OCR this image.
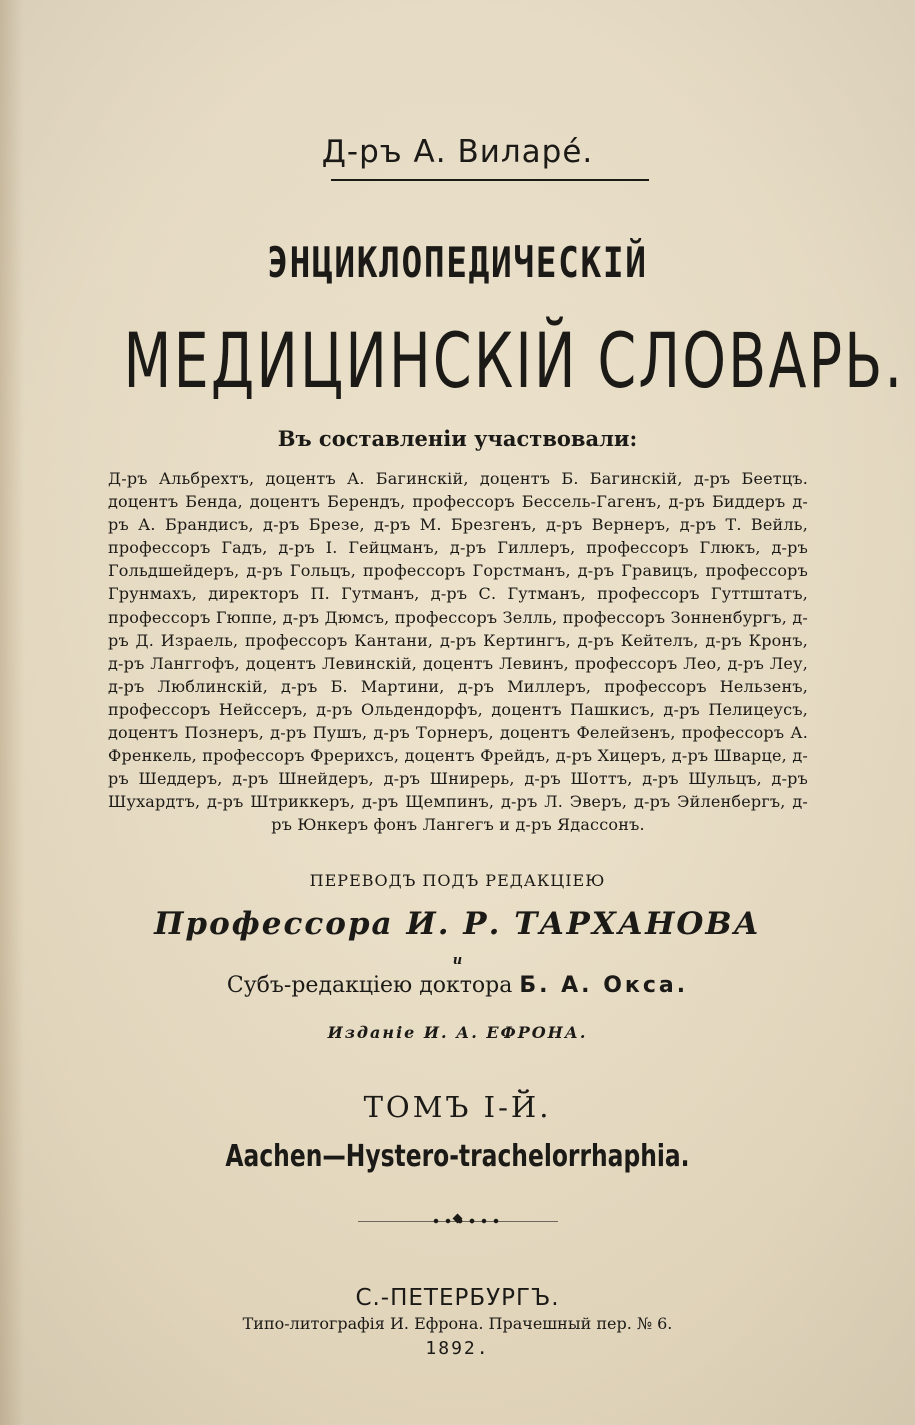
Д-ръ А. Виларé.
ЭНЦИКЛОПЕДИЧЕСКІЙ
МЕДИЦИНСКІЙ СЛОВАРЬ.
Въ составленіи участвовали:

Д-ръ Альбрехтъ, доцентъ А. Багинскій, доцентъ Б. Багинскій, д-ръ Беетцъ. доцентъ Бенда, доцентъ Берендъ, профессоръ Бессель-Гагенъ, д-ръ Биддеръ д-ръ А. Брандисъ, д-ръ Брезе, д-ръ М. Брезгенъ, д-ръ Вернеръ, д-ръ Т. Вейль, профессоръ Гадъ, д-ръ І. Гейцманъ, д-ръ Гиллеръ, профессоръ Глюкъ, д-ръ Гольдшейдеръ, д-ръ Гольцъ, профессоръ Горстманъ, д-ръ Гравицъ, профессоръ Грунмахъ, директоръ П. Гутманъ, д-ръ С. Гутманъ, профессоръ Гуттштатъ, профессоръ Гюппе, д-ръ Дюмсъ, профессоръ Зелль, профессоръ Зонненбургъ, д-ръ Д. Израель, профессоръ Кантани, д-ръ Кертингъ, д-ръ Кейтелъ, д-ръ Кронъ, д-ръ Ланггофъ, доцентъ Левинскій, доцентъ Левинъ, профессоръ Лео, д-ръ Леу, д-ръ Люблинскій, д-ръ Б. Мартини, д-ръ Миллеръ, профессоръ Нельзенъ, профессоръ Нейссеръ, д-ръ Ольдендорфъ, доцентъ Пашкисъ, д-ръ Пелицеусъ, доцентъ Познеръ, д-ръ Пушъ, д-ръ Торнеръ, доцентъ Фелейзенъ, профессоръ А. Френкель, профессоръ Фрерихсъ, доцентъ Фрейдъ, д-ръ Хицеръ, д-ръ Шварце, д-ръ Шеддеръ, д-ръ Шнейдеръ, д-ръ Шнирерь, д-ръ Шоттъ, д-ръ Шульцъ, д-ръ Шухардтъ, д-ръ Штриккеръ, д-ръ Щемпинъ, д-ръ Л. Эверъ, д-ръ Эйленбергъ, д-ръ Юнкеръ фонъ Лангегъ и д-ръ Ядассонъ.

ПЕРЕВОДЪ ПОДЪ РЕДАКЦІЕЮ
Профессора И. Р. ТАРХАНОВА
и
Субъ-редакціею доктора Б. А. Окса.
Изданіе И. А. ЕФРОНА.
ТОМЪ І-Й.
Aachen—Hystero-trachelorrhaphia.
С.-ПЕТЕРБУРГЪ.
Типо-литографія И. Ефрона. Прачешный пер. № 6.
1892.
